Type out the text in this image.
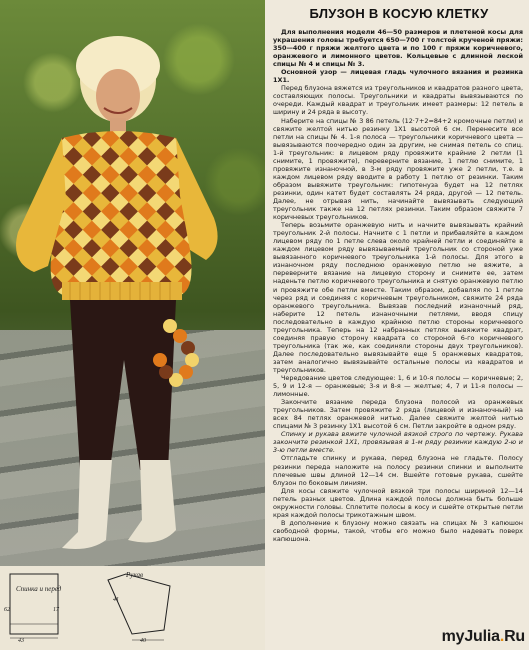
Спинка и перед
Рукав
62	17
43
41
40
БЛУЗОН В КОСУЮ КЛЕТКУ

Для выполнения модели 46—50 размеров и плетеной косы для украшения головы требуется 650—700 г толстой крученой пряжи: 350—400 г пряжи желтого цвета и по 100 г пряжи коричневого, оранжевого и лимонного цветов. Кольцевые с длинной леской спицы № 4 и спицы № 3.

Основной узор — лицевая гладь чулочного вязания и резинка 1Х1.

Перед блузона вяжется из треугольников и квадратов разного цвета, составляющих полосы. Треугольники и квадраты вывязываются по очереди. Каждый квадрат и треугольник имеет размеры: 12 петель в ширину и 24 ряда в высоту.

Наберите на спицы № 3 86 петель (12·7+2=84+2 кромочные петли) и свяжите желтой нитью резинку 1Х1 высотой 6 см. Перенесите все петли на спицы № 4. 1-я полоса — треугольники коричневого цвета — вывязываются поочередно один за другим, не снимая петель со спиц. 1-й треугольник: в лицевом ряду провяжите крайние 2 петли (1 снимите, 1 провяжите), переверните вязание, 1 петлю снимите, 1 провяжите изнаночной, в 3-м ряду провяжите уже 2 петли, т.е. в каждом лицевом ряду вводите в работу 1 петлю от резинки. Таким образом вывяжите треугольник: гипотенуза будет на 12 петлях резинки, один катет будет составлять 24 ряда, другой — 12 петель. Далее, не отрывая нить, начинайте вывязывать следующий треугольник также на 12 петлях резинки. Таким образом свяжите 7 коричневых треугольников.

Теперь возьмите оранжевую нить и начните вывязывать крайний треугольник 2-й полосы. Начните с 1 петли и прибавляйте в каждом лицевом ряду по 1 петле слева около крайней петли и соединяйте в каждом лицевом ряду вывязываемый треугольник со стороной уже вывязанного коричневого треугольника 1-й полосы. Для этого в изнаночном ряду последнюю оранжевую петлю не вяжите, а переверните вязание на лицевую сторону и снимите ее, затем наденьте петлю коричневого треугольника и снятую оранжевую петлю и провяжите обе петли вместе. Таким образом, добавляя по 1 петле через ряд и соединяя с коричневым треугольником, свяжите 24 ряда оранжевого треугольника. Вывязав последний изнаночный ряд, наберите 12 петель изнаночными петлями, вводя спицу последовательно в каждую крайнюю петлю стороны коричневого треугольника. Теперь на 12 набранных петлях вывяжите квадрат, соединяя правую сторону квадрата со стороной 6-го коричневого треугольника (так же, как соединяли стороны двух треугольников). Далее последовательно вывязывайте еще 5 оранжевых квадратов, затем аналогично вывязывайте остальные полосы из квадратов и треугольников.

Чередование цветов следующее: 1, 6 и 10-я полосы — коричневые; 2, 5, 9 и 12-я — оранжевые; 3-я и 8-я — желтые; 4, 7 и 11-я полосы — лимонные.

Закончите вязание переда блузона полосой из оранжевых треугольников. Затем провяжите 2 ряда (лицевой и изнаночный) на всех 84 петлях оранжевой нитью. Далее свяжите желтой нитью спицами № 3 резинку 1Х1 высотой 6 см. Петли закройте в одном ряду.

Спинку и рукава вяжите чулочной вязкой строго по чертежу. Рукава закончите резинкой 1Х1, провязывая в 1-м ряду резинки каждую 2-ю и 3-ю петли вместе.

Отгладьте спинку и рукава, перед блузона не гладьте. Полосу резинки переда наложите на полосу резинки спинки и выполните плечевые швы длиной 12—14 см. Вшейте готовые рукава, сшейте блузон по боковым линиям.

Для косы свяжите чулочной вязкой три полосы шириной 12—14 петель разных цветов. Длина каждой полосы должна быть больше окружности головы. Сплетите полосы в косу и сшейте открытые петли края каждой полосы трикотажным швом.

В дополнение к блузону можно связать на спицах № 3 капюшон свободной формы, такой, чтобы его можно было надевать поверх капюшона.

myJulia.Ru
